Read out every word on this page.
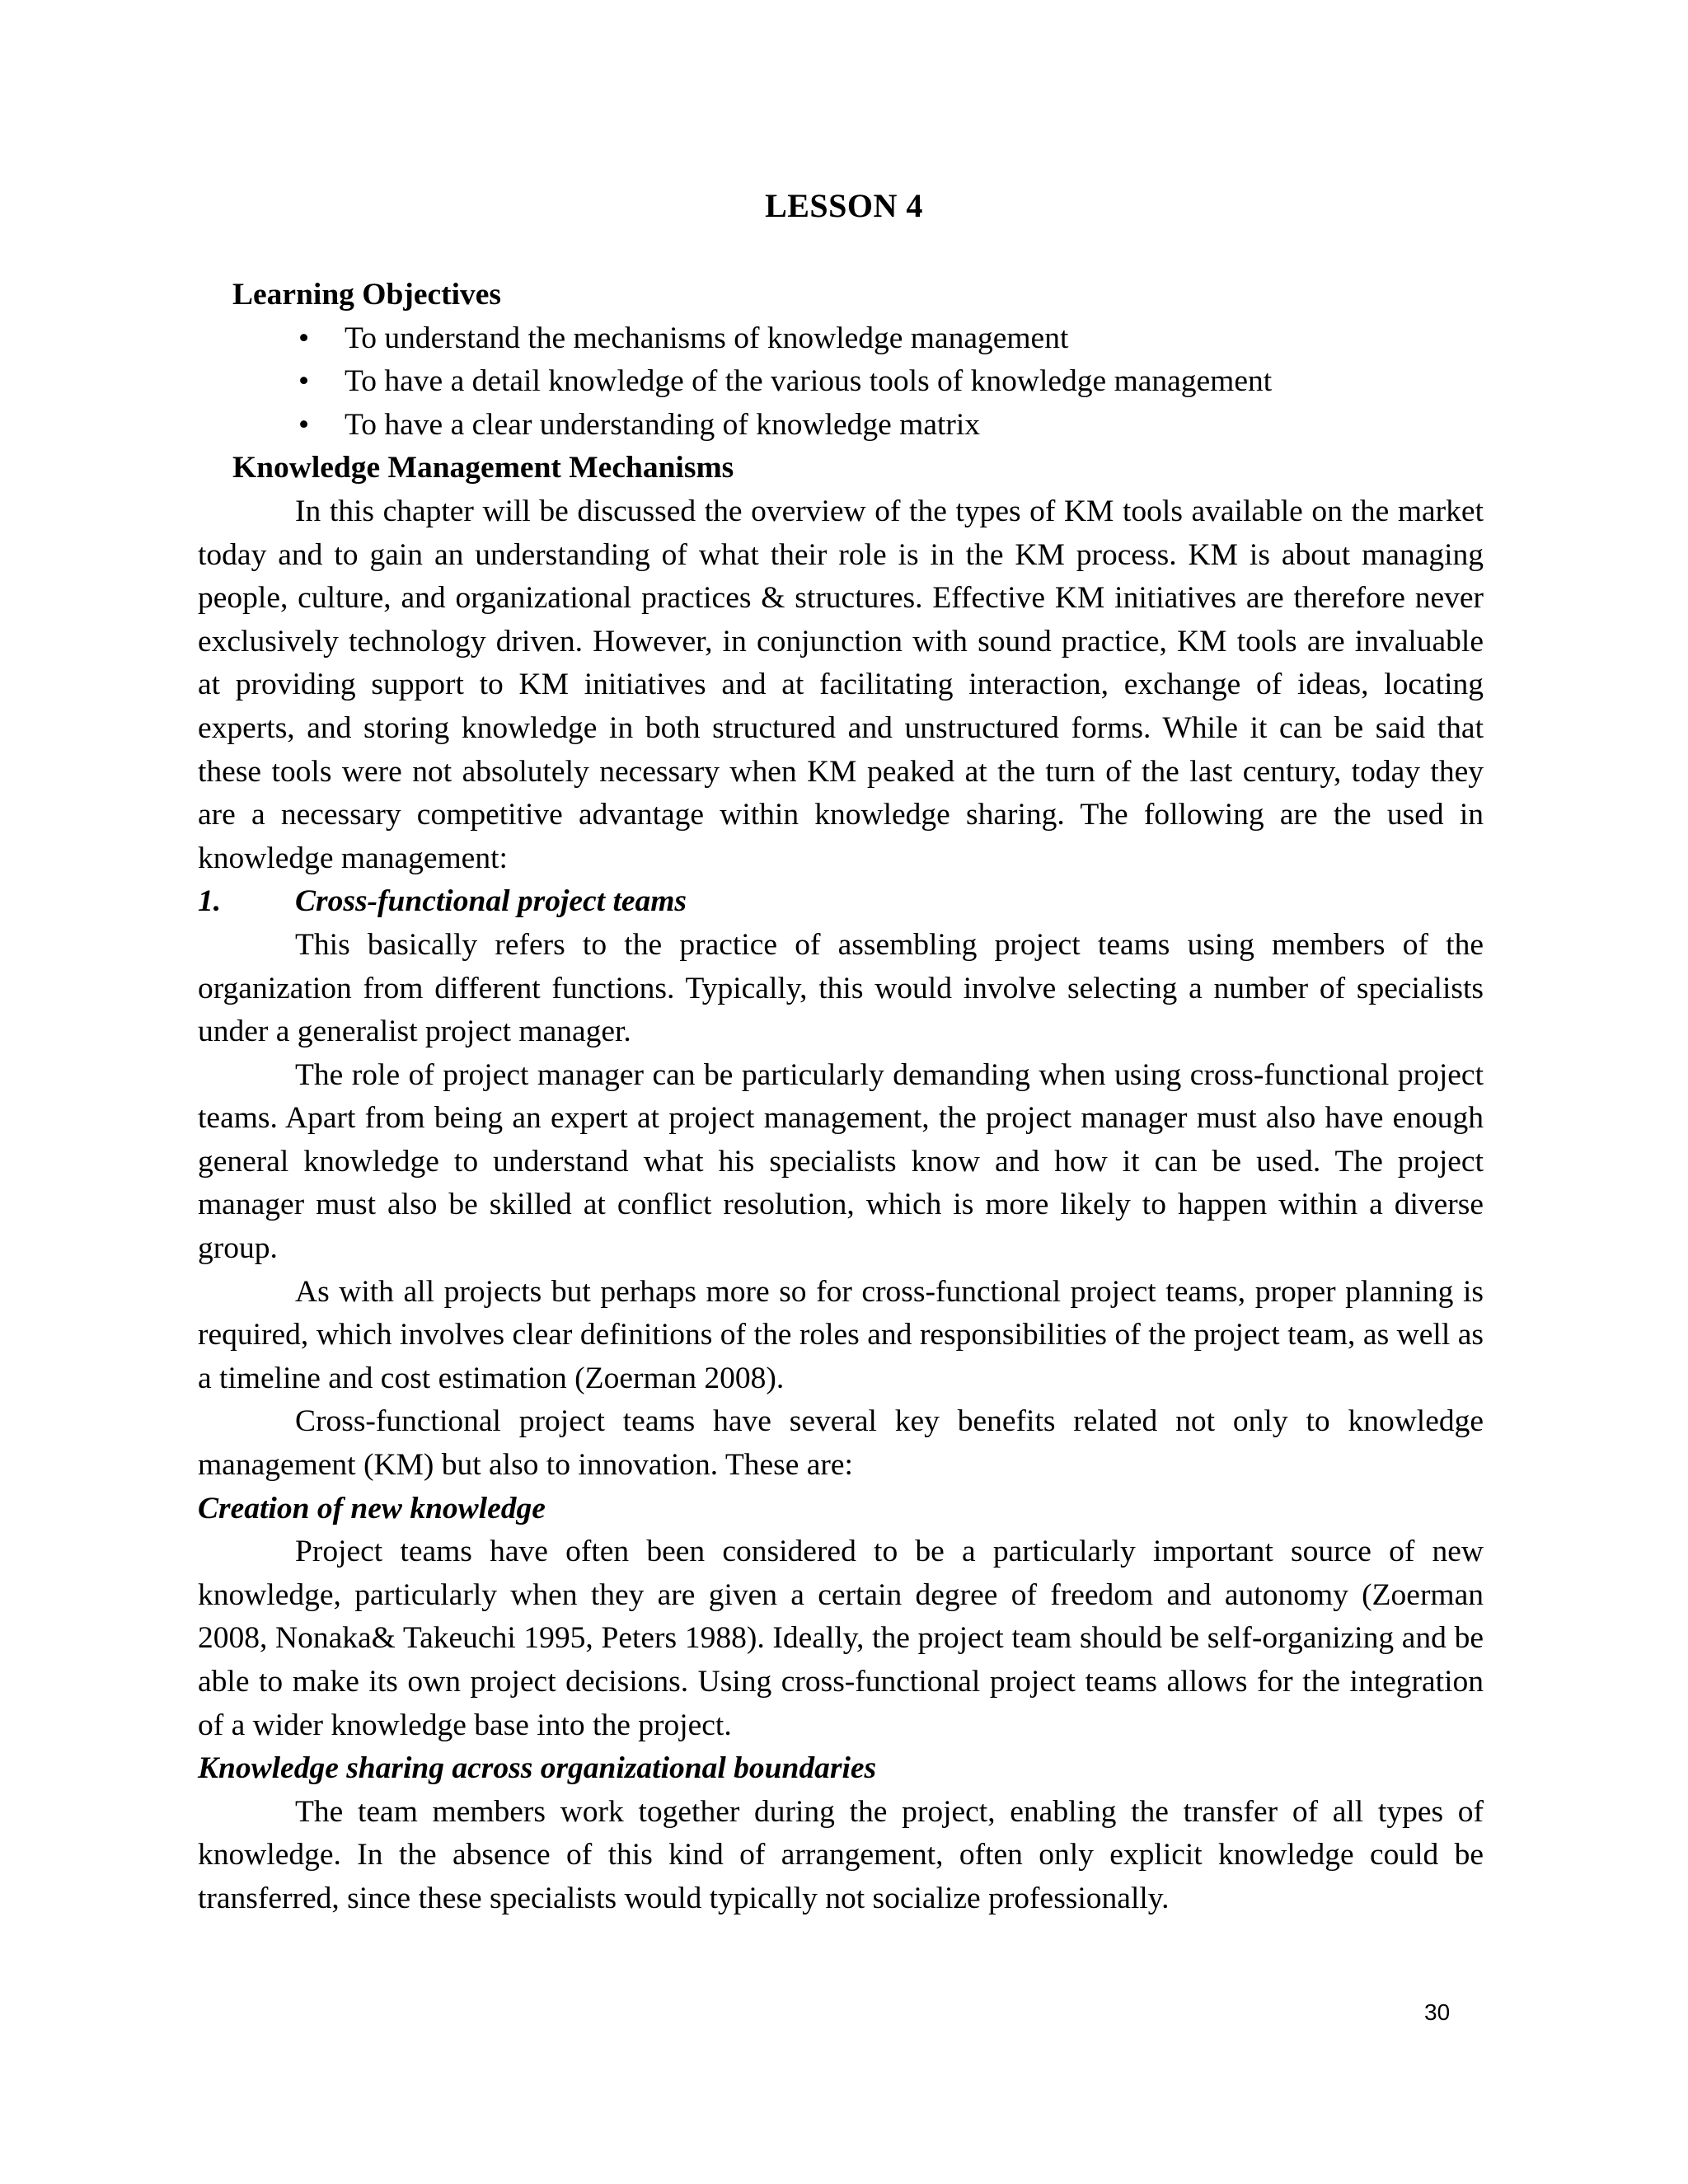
LESSON 4
Learning Objectives
• To understand the mechanisms of knowledge management
• To have a detail knowledge of the various tools of knowledge management
• To have a clear understanding of knowledge matrix
Knowledge Management Mechanisms

In this chapter will be discussed the overview of the types of KM tools available on the market today and to gain an understanding of what their role is in the KM process. KM is about managing people, culture, and organizational practices & structures. Effective KM initiatives are therefore never exclusively technology driven. However, in conjunction with sound practice, KM tools are invaluable at providing support to KM initiatives and at facilitating interaction, exchange of ideas, locating experts, and storing knowledge in both structured and unstructured forms. While it can be said that these tools were not absolutely necessary when KM peaked at the turn of the last century, today they are a necessary competitive advantage within knowledge sharing. The following are the used in knowledge management:

1. Cross-functional project teams

This basically refers to the practice of assembling project teams using members of the organization from different functions. Typically, this would involve selecting a number of specialists under a generalist project manager.

The role of project manager can be particularly demanding when using cross-functional project teams. Apart from being an expert at project management, the project manager must also have enough general knowledge to understand what his specialists know and how it can be used. The project manager must also be skilled at conflict resolution, which is more likely to happen within a diverse group.

As with all projects but perhaps more so for cross-functional project teams, proper planning is required, which involves clear definitions of the roles and responsibilities of the project team, as well as a timeline and cost estimation (Zoerman 2008).

Cross-functional project teams have several key benefits related not only to knowledge management (KM) but also to innovation. These are:

Creation of new knowledge

Project teams have often been considered to be a particularly important source of new knowledge, particularly when they are given a certain degree of freedom and autonomy (Zoerman 2008, Nonaka& Takeuchi 1995, Peters 1988). Ideally, the project team should be self-organizing and be able to make its own project decisions. Using cross-functional project teams allows for the integration of a wider knowledge base into the project.

Knowledge sharing across organizational boundaries

The team members work together during the project, enabling the transfer of all types of knowledge. In the absence of this kind of arrangement, often only explicit knowledge could be transferred, since these specialists would typically not socialize professionally.

30
